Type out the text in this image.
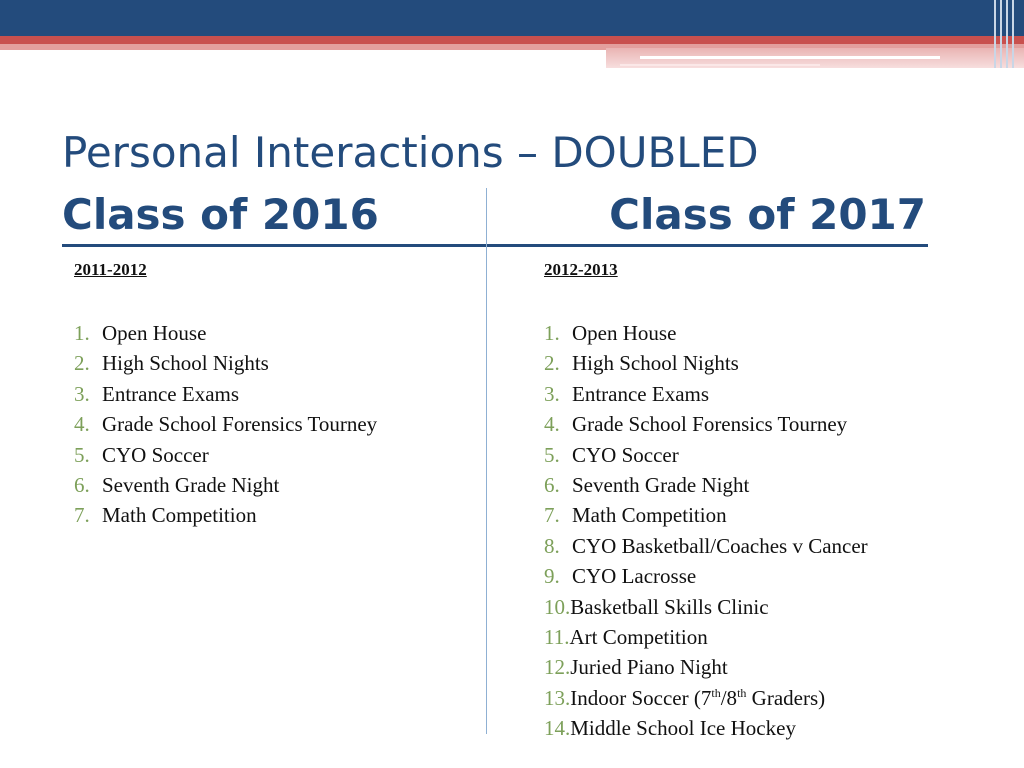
Personal Interactions – DOUBLED
Class of 2016	Class of 2017
2011-2012
1. Open House
2. High School Nights
3. Entrance Exams
4. Grade School Forensics Tourney
5. CYO Soccer
6. Seventh Grade Night
7. Math Competition
2012-2013
1. Open House
2. High School Nights
3. Entrance Exams
4. Grade School Forensics Tourney
5. CYO Soccer
6. Seventh Grade Night
7. Math Competition
8. CYO Basketball/Coaches v Cancer
9. CYO Lacrosse
10.Basketball Skills Clinic
11.Art Competition
12.Juried Piano Night
13.Indoor Soccer (7th/8th Graders)
14.Middle School Ice Hockey
